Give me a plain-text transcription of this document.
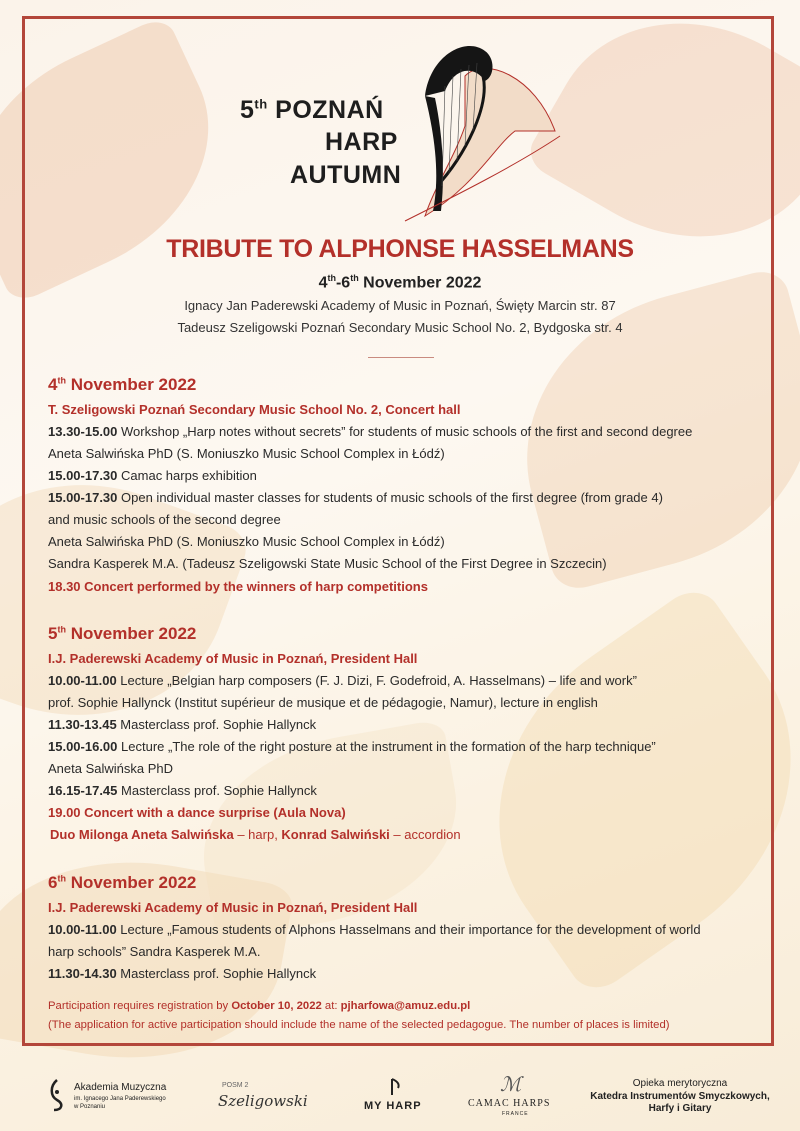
5th POZNAŃ
HARP
AUTUMN
TRIBUTE TO ALPHONSE HASSELMANS
4th-6th November 2022
Ignacy Jan Paderewski Academy of Music in Poznań, Święty Marcin str. 87
Tadeusz Szeligowski Poznań Secondary Music School No. 2, Bydgoska str. 4
4th November 2022
T. Szeligowski Poznań Secondary Music School No. 2, Concert hall
13.30-15.00 Workshop „Harp notes without secrets” for students of music schools of the first and second degree
Aneta Salwińska PhD (S. Moniuszko Music School Complex in Łódź)
15.00-17.30 Camac harps exhibition
15.00-17.30 Open individual master classes for students of music schools of the first degree (from grade 4)
and music schools of the second degree
Aneta Salwińska PhD (S. Moniuszko Music School Complex in Łódź)
Sandra Kasperek M.A. (Tadeusz Szeligowski State Music School of the First Degree in Szczecin)
18.30 Concert performed by the winners of harp competitions
5th November 2022
I.J. Paderewski Academy of Music in Poznań, President Hall
10.00-11.00 Lecture „Belgian harp composers (F. J. Dizi, F. Godefroid, A. Hasselmans) – life and work”
prof. Sophie Hallynck (Institut supérieur de musique et de pédagogie, Namur), lecture in english
11.30-13.45 Masterclass prof. Sophie Hallynck
15.00-16.00 Lecture „The role of the right posture at the instrument in the formation of the harp technique”
Aneta Salwińska PhD
16.15-17.45 Masterclass prof. Sophie Hallynck
19.00 Concert with a dance surprise (Aula Nova)
Duo Milonga Aneta Salwińska – harp, Konrad Salwiński – accordion
6th November 2022
I.J. Paderewski Academy of Music in Poznań, President Hall
10.00-11.00 Lecture „Famous students of Alphons Hasselmans and their importance for the development of world
harp schools” Sandra Kasperek M.A.
11.30-14.30 Masterclass prof. Sophie Hallynck
Participation requires registration by October 10, 2022 at: pjharfowa@amuz.edu.pl
(The application for active participation should include the name of the selected pedagogue. The number of places is limited)
Akademia Muzyczna
im. Ignacego Jana Paderewskiego
w Poznaniu
POSM 2
Szeligowski	MY HARP
ℳ
CAMAC HARPS
FRANCE
Opieka merytoryczna
Katedra Instrumentów Smyczkowych,
Harfy i Gitary
